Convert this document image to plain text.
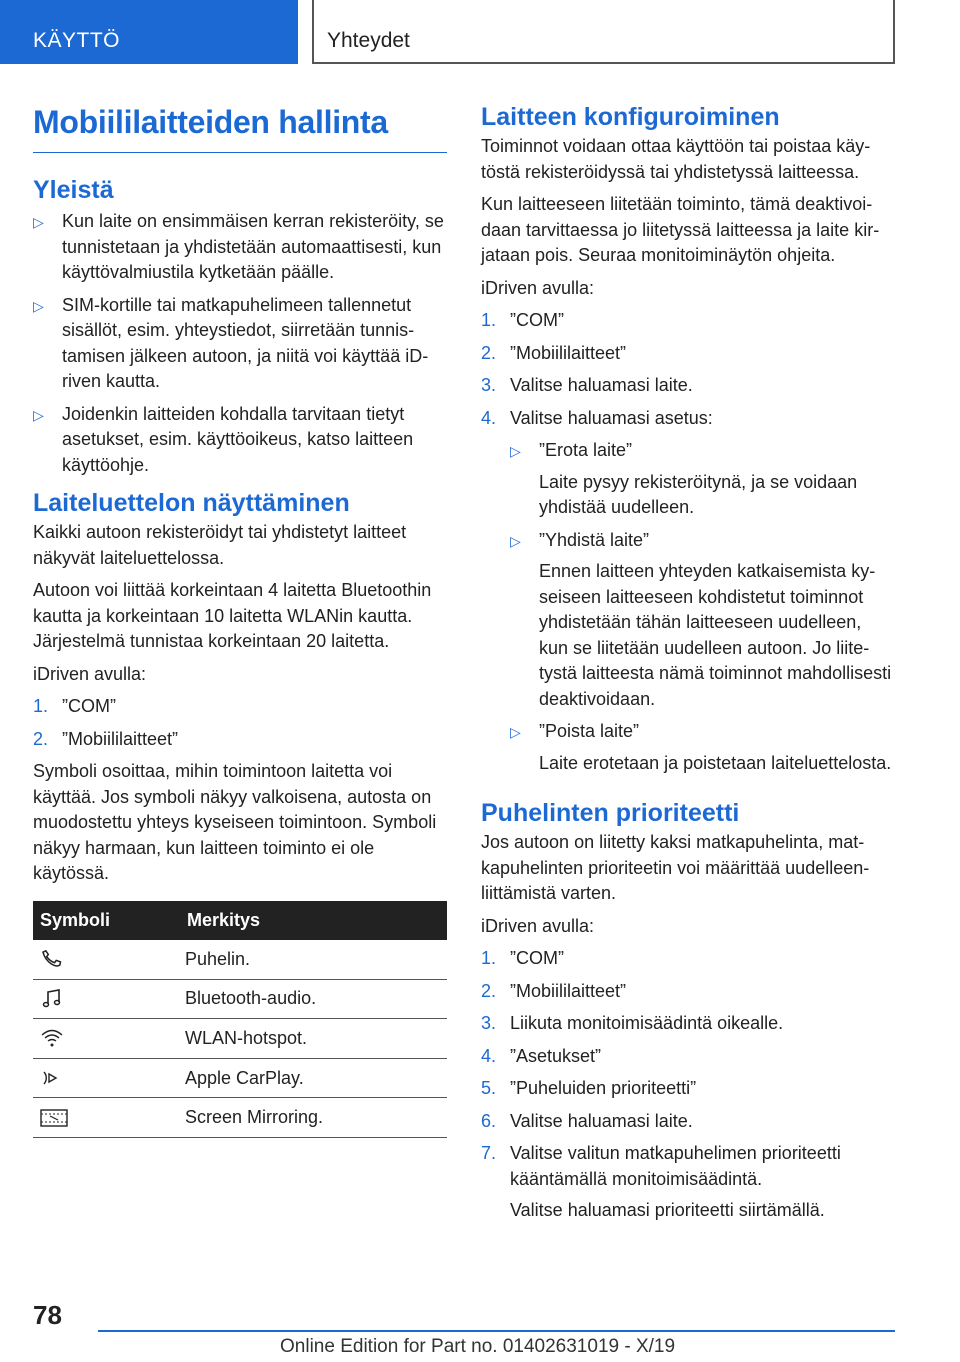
KÄYTTÖ	Yhteydet
Mobiililaitteiden hallinta
Yleistä
▷ Kun laite on ensimmäisen kerran rekisteröity, se tunnistetaan ja yhdistetään automaattisesti, kun käyttövalmiustila kytketään päälle.
▷ SIM-kortille tai matkapuhelimeen tallennetut sisällöt, esim. yhteystiedot, siirretään tunnistamisen jälkeen autoon, ja niitä voi käyttää iDriven kautta.
▷ Joidenkin laitteiden kohdalla tarvitaan tietyt asetukset, esim. käyttöoikeus, katso laitteen käyttöohje.
Laiteluettelon näyttäminen

Kaikki autoon rekisteröidyt tai yhdistetyt laitteet näkyvät laiteluettelossa.

Autoon voi liittää korkeintaan 4 laitetta Bluetoothin kautta ja korkeintaan 10 laitetta WLANin kautta. Järjestelmä tunnistaa korkeintaan 20 laitetta.

iDriven avulla:

1. ”COM”
2. ”Mobiililaitteet”

Symboli osoittaa, mihin toimintoon laitetta voi käyttää. Jos symboli näkyy valkoisena, autosta on muodostettu yhteys kyseiseen toimintoon. Symboli näkyy harmaan, kun laitteen toiminto ei ole käytössä.

Symboli	Merkitys

	Puhelin.

	Bluetooth-audio.

	WLAN-hotspot.

	Apple CarPlay.

	Screen Mirroring.
Laitteen konfiguroiminen

Toiminnot voidaan ottaa käyttöön tai poistaa käytöstä rekisteröidyssä tai yhdistetyssä laitteessa.

Kun laitteeseen liitetään toiminto, tämä deaktivoidaan tarvittaessa jo liitetyssä laitteessa ja laite kirjataan pois. Seuraa monitoiminäytön ohjeita.

iDriven avulla:

1. ”COM”
2. ”Mobiililaitteet”
3. Valitse haluamasi laite.
4. Valitse haluamasi asetus:
▷ ”Erota laite”
Laite pysyy rekisteröitynä, ja se voidaan yhdistää uudelleen.
▷ ”Yhdistä laite”
Ennen laitteen yhteyden katkaisemista kyseiseen laitteeseen kohdistetut toiminnot yhdistetään tähän laitteeseen uudelleen, kun se liitetään uudelleen autoon. Jo liitetystä laitteesta nämä toiminnot mahdollisesti deaktivoidaan.
▷ ”Poista laite”
Laite erotetaan ja poistetaan laiteluettelosta.
Puhelinten prioriteetti

Jos autoon on liitetty kaksi matkapuhelinta, matkapuhelinten prioriteetin voi määrittää uudelleenliittämistä varten.

iDriven avulla:

1. ”COM”
2. ”Mobiililaitteet”
3. Liikuta monitoimisäädintä oikealle.
4. ”Asetukset”
5. ”Puheluiden prioriteetti”
6. Valitse haluamasi laite.
7. Valitse valitun matkapuhelimen prioriteetti kääntämällä monitoimisäädintä.
Valitse haluamasi prioriteetti siirtämällä.
78
Online Edition for Part no. 01402631019 - X/19
